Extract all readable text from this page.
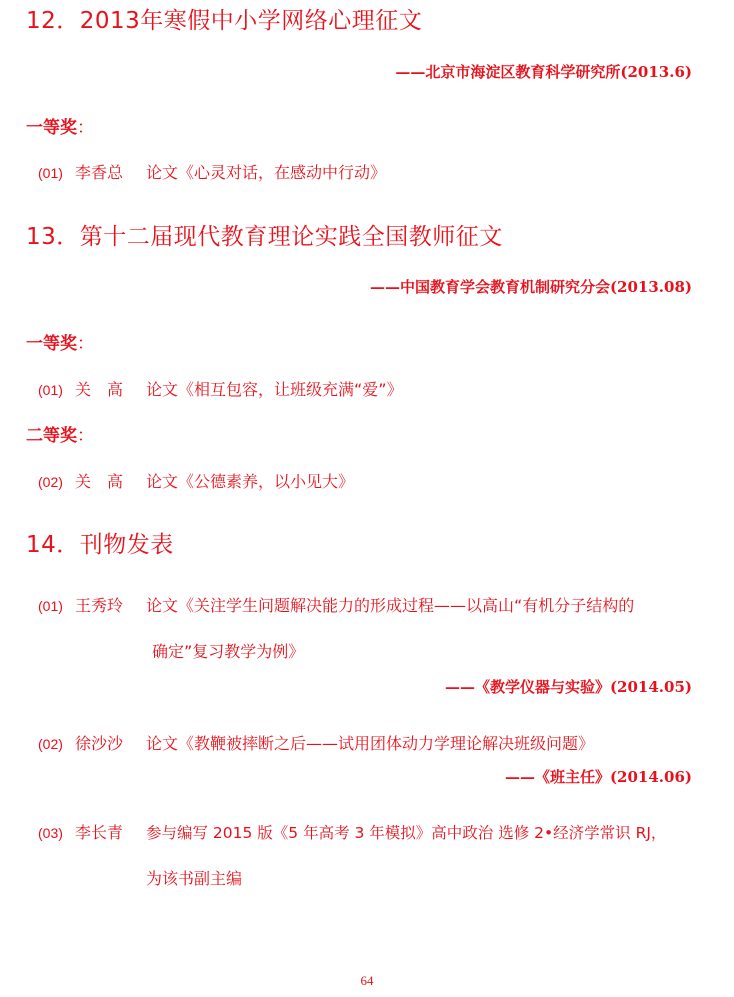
12．2013年寒假中小学网络心理征文
——北京市海淀区教育科学研究所(2013.6)
一等奖：
(01) 李香总 论文《心灵对话，在感动中行动》
13．第十二届现代教育理论实践全国教师征文
——中国教育学会教育机制研究分会(2013.08)
一等奖：
(01) 关　高 论文《相互包容，让班级充满“爱”》
二等奖：
(02) 关　高 论文《公德素养，以小见大》
14．刊物发表
(01) 王秀玲 论文《关注学生问题解决能力的形成过程——以高山“有机分子结构的
确定”复习教学为例》
——《教学仪器与实验》(2014.05)
(02) 徐沙沙 论文《教鞭被摔断之后——试用团体动力学理论解决班级问题》
——《班主任》(2014.06)
(03) 李长青 参与编写 2015 版《5 年高考 3 年模拟》高中政治 选修 2•经济学常识 RJ，
为该书副主编
64
